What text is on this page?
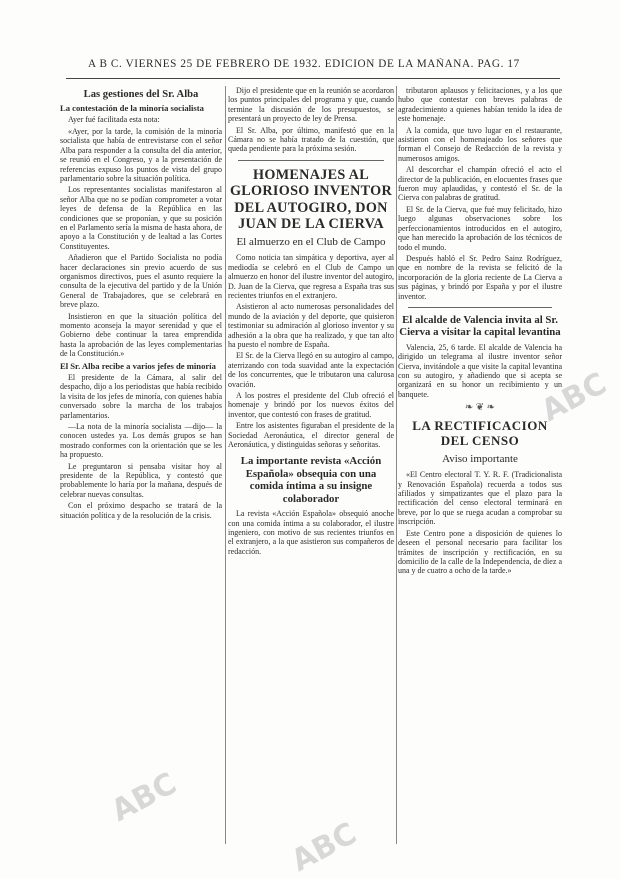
A B C. VIERNES 25 DE FEBRERO DE 1932. EDICION DE LA MAÑANA. PAG. 17
Las gestiones del Sr. Alba
La contestación de la minoría socialista

Ayer fué facilitada esta nota:

«Ayer, por la tarde, la comisión de la minoría socialista que había de entrevistarse con el señor Alba para responder a la consulta del día anterior, se reunió en el Congreso, y a la presentación de referencias expuso los puntos de vista del grupo parlamentario sobre la situación política.

Los representantes socialistas manifestaron al señor Alba que no se podían comprometer a votar leyes de defensa de la República en las condiciones que se proponían, y que su posición en el Parlamento sería la misma de hasta ahora, de apoyo a la Constitución y de lealtad a las Cortes Constituyentes.

Añadieron que el Partido Socialista no podía hacer declaraciones sin previo acuerdo de sus organismos directivos, pues el asunto requiere la consulta de la ejecutiva del partido y de la Unión General de Trabajadores, que se celebrará en breve plazo.

Insistieron en que la situación política del momento aconseja la mayor serenidad y que el Gobierno debe continuar la tarea emprendida hasta la aprobación de las leyes complementarias de la Constitución.»

El Sr. Alba recibe a varios jefes de minoría

El presidente de la Cámara, al salir del despacho, dijo a los periodistas que había recibido la visita de los jefes de minoría, con quienes había conversado sobre la marcha de los trabajos parlamentarios.

—La nota de la minoría socialista —dijo— la conocen ustedes ya. Los demás grupos se han mostrado conformes con la orientación que se les ha propuesto.

Le preguntaron si pensaba visitar hoy al presidente de la República, y contestó que probablemente lo haría por la mañana, después de celebrar nuevas consultas.

Con el próximo despacho se tratará de la situación política y de la resolución de la crisis.

Dijo el presidente que en la reunión se acordaron los puntos principales del programa y que, cuando termine la discusión de los presupuestos, se presentará un proyecto de ley de Prensa.

El Sr. Alba, por último, manifestó que en la Cámara no se había tratado de la cuestión, que queda pendiente para la próxima sesión.

HOMENAJES AL GLORIOSO INVENTOR DEL AUTOGIRO, DON JUAN DE LA CIERVA
El almuerzo en el Club de Campo

Como noticia tan simpática y deportiva, ayer al mediodía se celebró en el Club de Campo un almuerzo en honor del ilustre inventor del autogiro, D. Juan de la Cierva, que regresa a España tras sus recientes triunfos en el extranjero.

Asistieron al acto numerosas personalidades del mundo de la aviación y del deporte, que quisieron testimoniar su admiración al glorioso inventor y su adhesión a la obra que ha realizado, y que tan alto ha puesto el nombre de España.

El Sr. de la Cierva llegó en su autogiro al campo, aterrizando con toda suavidad ante la expectación de los concurrentes, que le tributaron una calurosa ovación.

A los postres el presidente del Club ofreció el homenaje y brindó por los nuevos éxitos del inventor, que contestó con frases de gratitud.

Entre los asistentes figuraban el presidente de la Sociedad Aeronáutica, el director general de Aeronáutica, y distinguidas señoras y señoritas.

La importante revista «Acción Española» obsequia con una comida íntima a su insigne colaborador

La revista «Acción Española» obsequió anoche con una comida íntima a su colaborador, el ilustre ingeniero, con motivo de sus recientes triunfos en el extranjero, a la que asistieron sus compañeros de redacción.

tributaron aplausos y felicitaciones, y a los que hubo que contestar con breves palabras de agradecimiento a quienes habían tenido la idea de este homenaje.

A la comida, que tuvo lugar en el restaurante, asistieron con el homenajeado los señores que forman el Consejo de Redacción de la revista y numerosos amigos.

Al descorchar el champán ofreció el acto el director de la publicación, en elocuentes frases que fueron muy aplaudidas, y contestó el Sr. de la Cierva con palabras de gratitud.

El Sr. de la Cierva, que fué muy felicitado, hizo luego algunas observaciones sobre los perfeccionamientos introducidos en el autogiro, que han merecido la aprobación de los técnicos de todo el mundo.

Después habló el Sr. Pedro Sainz Rodríguez, que en nombre de la revista se felicitó de la incorporación de la gloria reciente de La Cierva a sus páginas, y brindó por España y por el ilustre inventor.

El alcalde de Valencia invita al Sr. Cierva a visitar la capital levantina

Valencia, 25, 6 tarde. El alcalde de Valencia ha dirigido un telegrama al ilustre inventor señor Cierva, invitándole a que visite la capital levantina con su autogiro, y añadiendo que si acepta se organizará en su honor un recibimiento y un banquete.

❧ ❦ ❧
LA RECTIFICACION DEL CENSO
Aviso importante

«El Centro electoral T. Y. R. F. (Tradicionalista y Renovación Española) recuerda a todos sus afiliados y simpatizantes que el plazo para la rectificación del censo electoral terminará en breve, por lo que se ruega acudan a comprobar su inscripción.

Este Centro pone a disposición de quienes lo deseen el personal necesario para facilitar los trámites de inscripción y rectificación, en su domicilio de la calle de la Independencia, de diez a una y de cuatro a ocho de la tarde.»

ABC
ABC
ABC
